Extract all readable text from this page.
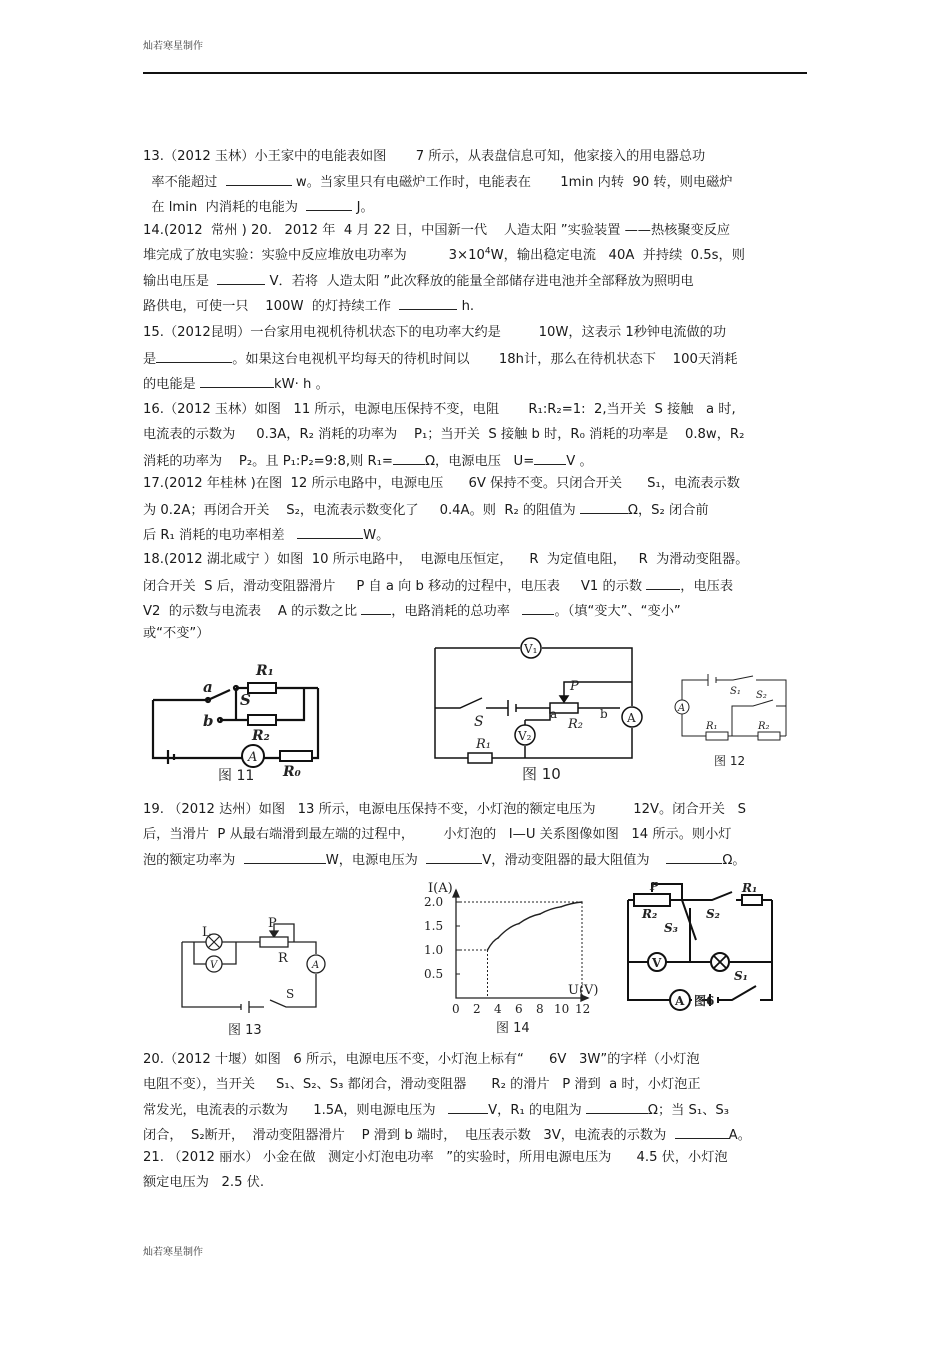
灿若寒星制作
13.（2012 玉林）小王家中的电能表如图       7 所示，从表盘信息可知，他家接入的用电器总功
率不能超过	w。当家里只有电磁炉工作时，电能表在       1min 内转  90 转，则电磁炉
在 lmin  内消耗的电能为	J。
14.(2012  常州 ) 20.   2012 年  4 月 22 日，中国新一代    人造太阳 ”实验装置 ——热核聚变反应
堆完成了放电实验：实验中反应堆放电功率为          $3\times 10^4W$，输出稳定电流   40A  并持续  0.5s，则
输出电压是	V．若将  人造太阳 ”此次释放的能量全部储存进电池并全部释放为照明电
路供电，可使一只    100W  的灯持续工作	h.
15.（2012昆明）一台家用电视机待机状态下的电功率大约是         10W，这表示 1秒钟电流做的功
是	。如果这台电视机平均每天的待机时间以       18h计，那么在待机状态下    100天消耗
的电能是	kW· h 。
16.（2012 玉林）如图   11 所示，电源电压保持不变，电阻       R₁:R₂=1:  2,当开关  S 接触   a 时,
电流表的示数为     0.3A，R₂ 消耗的功率为    P₁；当开关  S 接触 b 时，R₀ 消耗的功率是    0.8w，R₂
消耗的功率为    P₂。且 P₁:P₂=9:8,则 R₁= Ω，电源电压   U= V 。
17.(2012 年桂林 )在图  12 所示电路中，电源电压      6V 保持不变。只闭合开关      S₁，电流表示数
为 0.2A；再闭合开关    S₂，电流表示数变化了     0.4A。则  R₂ 的阻值为	Ω，S₂ 闭合前
后 R₁ 消耗的电功率相差	W。
18.(2012 湖北咸宁 ）如图  10 所示电路中，  电源电压恒定，    R  为定值电阻，   R  为滑动变阻器。
闭合开关  S 后，滑动变阻器滑片     P 自 a 向 b 移动的过程中，电压表     V1 的示数	，电压表
V2  的示数与电流表    A 的示数之比 ，电路消耗的总功率   。（填“变大”、“变小”
或“不变”）
A
a
b
S
R₁
R₂
R₀
图 11
V₁
V₂
A
S
P
R₂
R₁
a	b
图 10
A
S₁ S₂
R₁	R₂
图 12
19. （2012 达州）如图   13 所示，电源电压保持不变，小灯泡的额定电压为         12V。闭合开关   S
后，当滑片  P 从最右端滑到最左端的过程中，       小灯泡的   I—U 关系图像如图   14 所示。则小灯
泡的额定功率为	W，电源电压为	V，滑动变阻器的最大阻值为	Ω。
V	A
L
P
R
S
图 13
2.0
1.5
1.0
0.5
0 2 4 6 8 10 12
I(A)
U(V)
图 14
V
A
P
R₂
S₃
S₂
R₁
S₁
图6
20.（2012 十堰）如图   6 所示，电源电压不变，小灯泡上标有“      6V   3W”的字样（小灯泡
电阻不变），当开关     S₁、S₂、S₃ 都闭合，滑动变阻器      R₂ 的滑片   P 滑到  a 时，小灯泡正
常发光，电流表的示数为      1.5A，则电源电压为	V，R₁ 的电阻为	Ω；当 S₁、S₃
闭合，  S₂断开，  滑动变阻器滑片    P 滑到 b 端时，  电压表示数   3V，电流表的示数为	A。
21. （2012 丽水） 小金在做   测定小灯泡电功率   ”的实验时，所用电源电压为      4.5 伏，小灯泡
额定电压为   2.5 伏.
灿若寒星制作
